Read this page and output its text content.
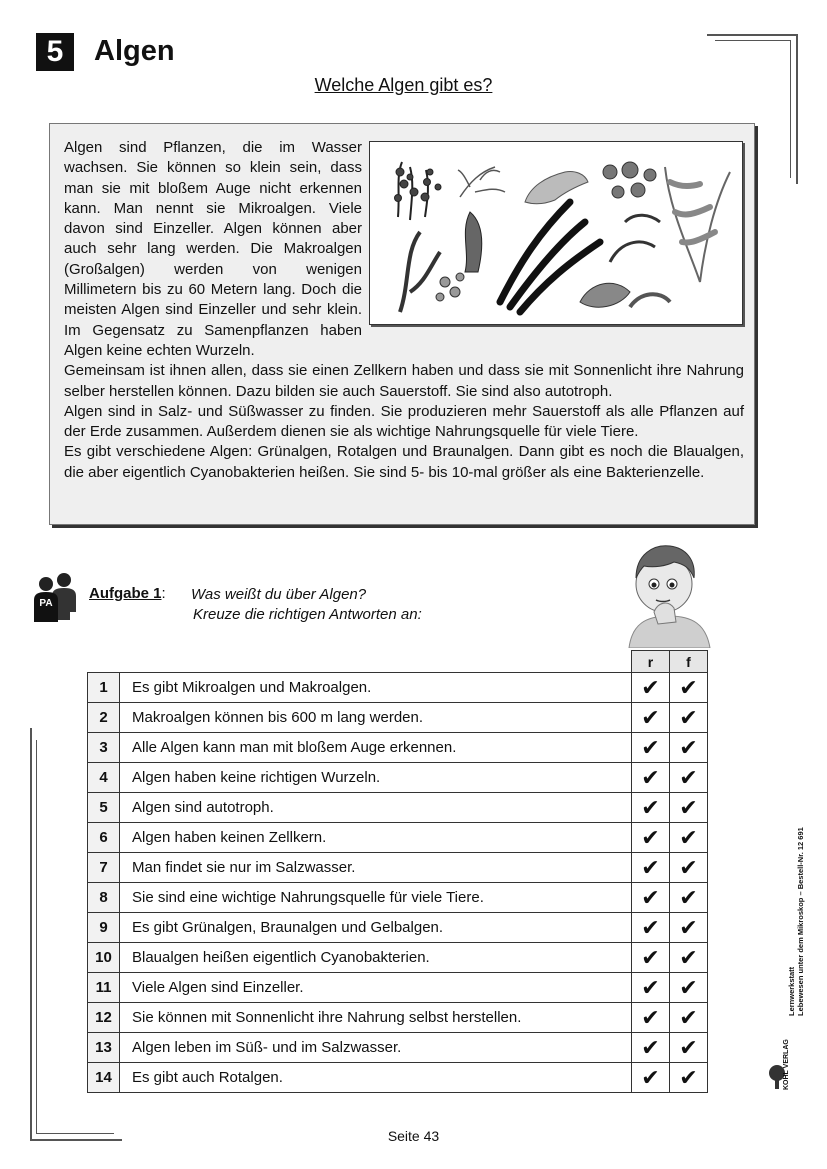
5	Algen
Welche Algen gibt es?

Algen sind Pflanzen, die im Wasser wachsen. Sie können so klein sein, dass man sie mit bloßem Auge nicht erkennen kann. Man nennt sie Mikroalgen. Viele davon sind Einzeller. Algen können aber auch sehr lang werden. Die Makroalgen (Großalgen) werden von wenigen Millimetern bis zu 60 Metern lang. Doch die meisten Algen sind Einzeller und sehr klein. Im Gegensatz zu Samenpflanzen haben Algen keine echten Wurzeln.

Gemeinsam ist ihnen allen, dass sie einen Zellkern haben und dass sie mit Sonnenlicht ihre Nahrung selber herstellen können. Dazu bilden sie auch Sauerstoff. Sie sind also autotroph.

Algen sind in Salz- und Süßwasser zu finden. Sie produzieren mehr Sauerstoff als alle Pflanzen auf der Erde zusammen. Außerdem dienen sie als wichtige Nahrungsquelle für viele Tiere.

Es gibt verschiedene Algen: Grünalgen, Rotalgen und Braunalgen. Dann gibt es noch die Blaualgen, die aber eigentlich Cyanobakterien heißen. Sie sind 5- bis 10-mal größer als eine Bakterienzelle.

PA
Aufgabe 1: Was weißt du über Algen?
Kreuze die richtigen Antworten an:
		r	f
1	Es gibt Mikroalgen und Makroalgen.	✔	✔
2	Makroalgen können bis 600 m lang werden.	✔	✔
3	Alle Algen kann man mit bloßem Auge erkennen.	✔	✔
4	Algen haben keine richtigen Wurzeln.	✔	✔
5	Algen sind autotroph.	✔	✔
6	Algen haben keinen Zellkern.	✔	✔
7	Man findet sie nur im Salzwasser.	✔	✔
8	Sie sind eine wichtige Nahrungsquelle für viele Tiere.	✔	✔
9	Es gibt Grünalgen, Braunalgen und Gelbalgen.	✔	✔
10	Blaualgen heißen eigentlich Cyanobakterien.	✔	✔
11	Viele Algen sind Einzeller.	✔	✔
12	Sie können mit Sonnenlicht ihre Nahrung selbst herstellen.	✔	✔
13	Algen leben im Süß- und im Salzwasser.	✔	✔
14	Es gibt auch Rotalgen.	✔	✔
Seite 43
Lernwerkstatt Lebewesen unter dem Mikroskop – Bestell-Nr. 12 691
KOHL VERLAG
